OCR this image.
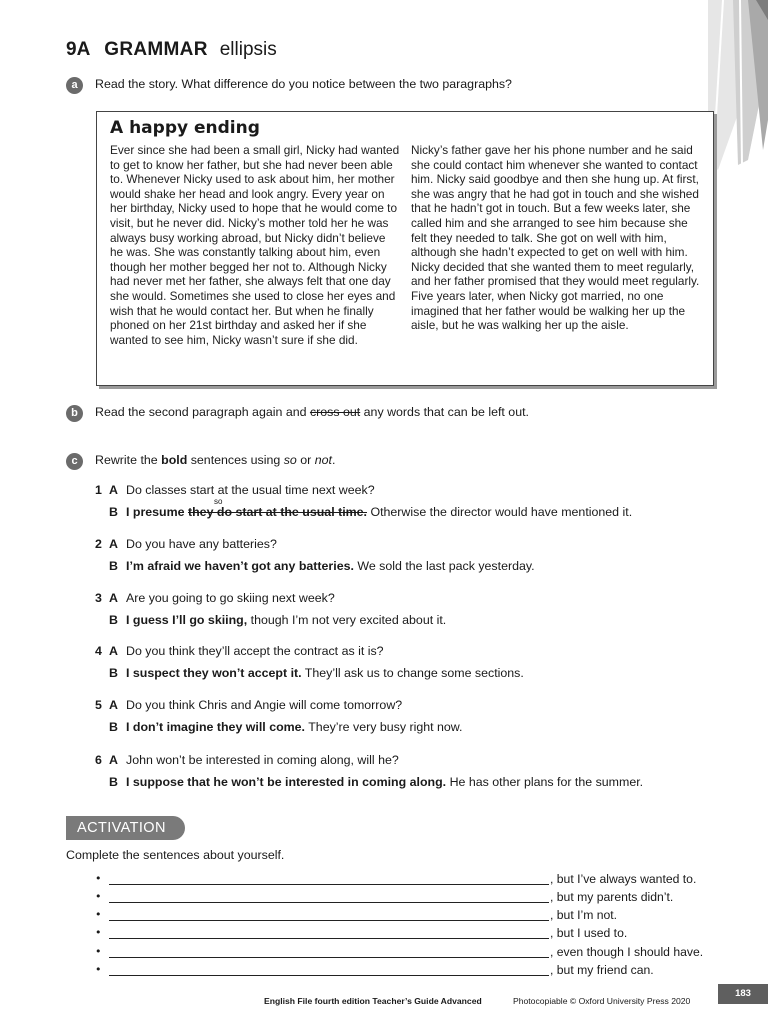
9A GRAMMAR ellipsis
a	Read the story. What difference do you notice between the two paragraphs?
A happy ending
Ever since she had been a small girl, Nicky had wanted to get to know her father, but she had never been able to. Whenever Nicky used to ask about him, her mother would shake her head and look angry. Every year on her birthday, Nicky used to hope that he would come to visit, but he never did. Nicky’s mother told her he was always busy working abroad, but Nicky didn’t believe he was. She was constantly talking about him, even though her mother begged her not to. Although Nicky had never met her father, she always felt that one day she would. Sometimes she used to close her eyes and wish that he would contact her. But when he finally phoned on her 21st birthday and asked her if she wanted to see him, Nicky wasn’t sure if she did.
Nicky’s father gave her his phone number and he said she could contact him whenever she wanted to contact him. Nicky said goodbye and then she hung up. At first, she was angry that he had got in touch and she wished that he hadn’t got in touch. But a few weeks later, she called him and she arranged to see him because she felt they needed to talk. She got on well with him, although she hadn’t expected to get on well with him. Nicky decided that she wanted them to meet regularly, and her father promised that they would meet regularly. Five years later, when Nicky got married, no one imagined that her father would be walking her up the aisle, but he was walking her up the aisle.
b	Read the second paragraph again and cross out any words that can be left out.
c	Rewrite the bold sentences using so or not.
1 A Do classes start at the usual time next week?
B
so
I presume they do start at the usual time. Otherwise the director would have mentioned it.
2 A Do you have any batteries?
B I’m afraid we haven’t got any batteries. We sold the last pack yesterday.
3 A Are you going to go skiing next week?
B I guess I’ll go skiing, though I’m not very excited about it.
4 A Do you think they’ll accept the contract as it is?
B I suspect they won’t accept it. They’ll ask us to change some sections.
5 A Do you think Chris and Angie will come tomorrow?
B I don’t imagine they will come. They’re very busy right now.
6 A John won’t be interested in coming along, will he?
B I suppose that he won’t be interested in coming along. He has other plans for the summer.
ACTIVATION
Complete the sentences about yourself.
•	, but I’ve always wanted to.
•	, but my parents didn’t.
•	, but I’m not.
•	, but I used to.
•	, even though I should have.
•	, but my friend can.
English File fourth edition Teacher’s Guide Advanced	Photocopiable © Oxford University Press 2020
183
